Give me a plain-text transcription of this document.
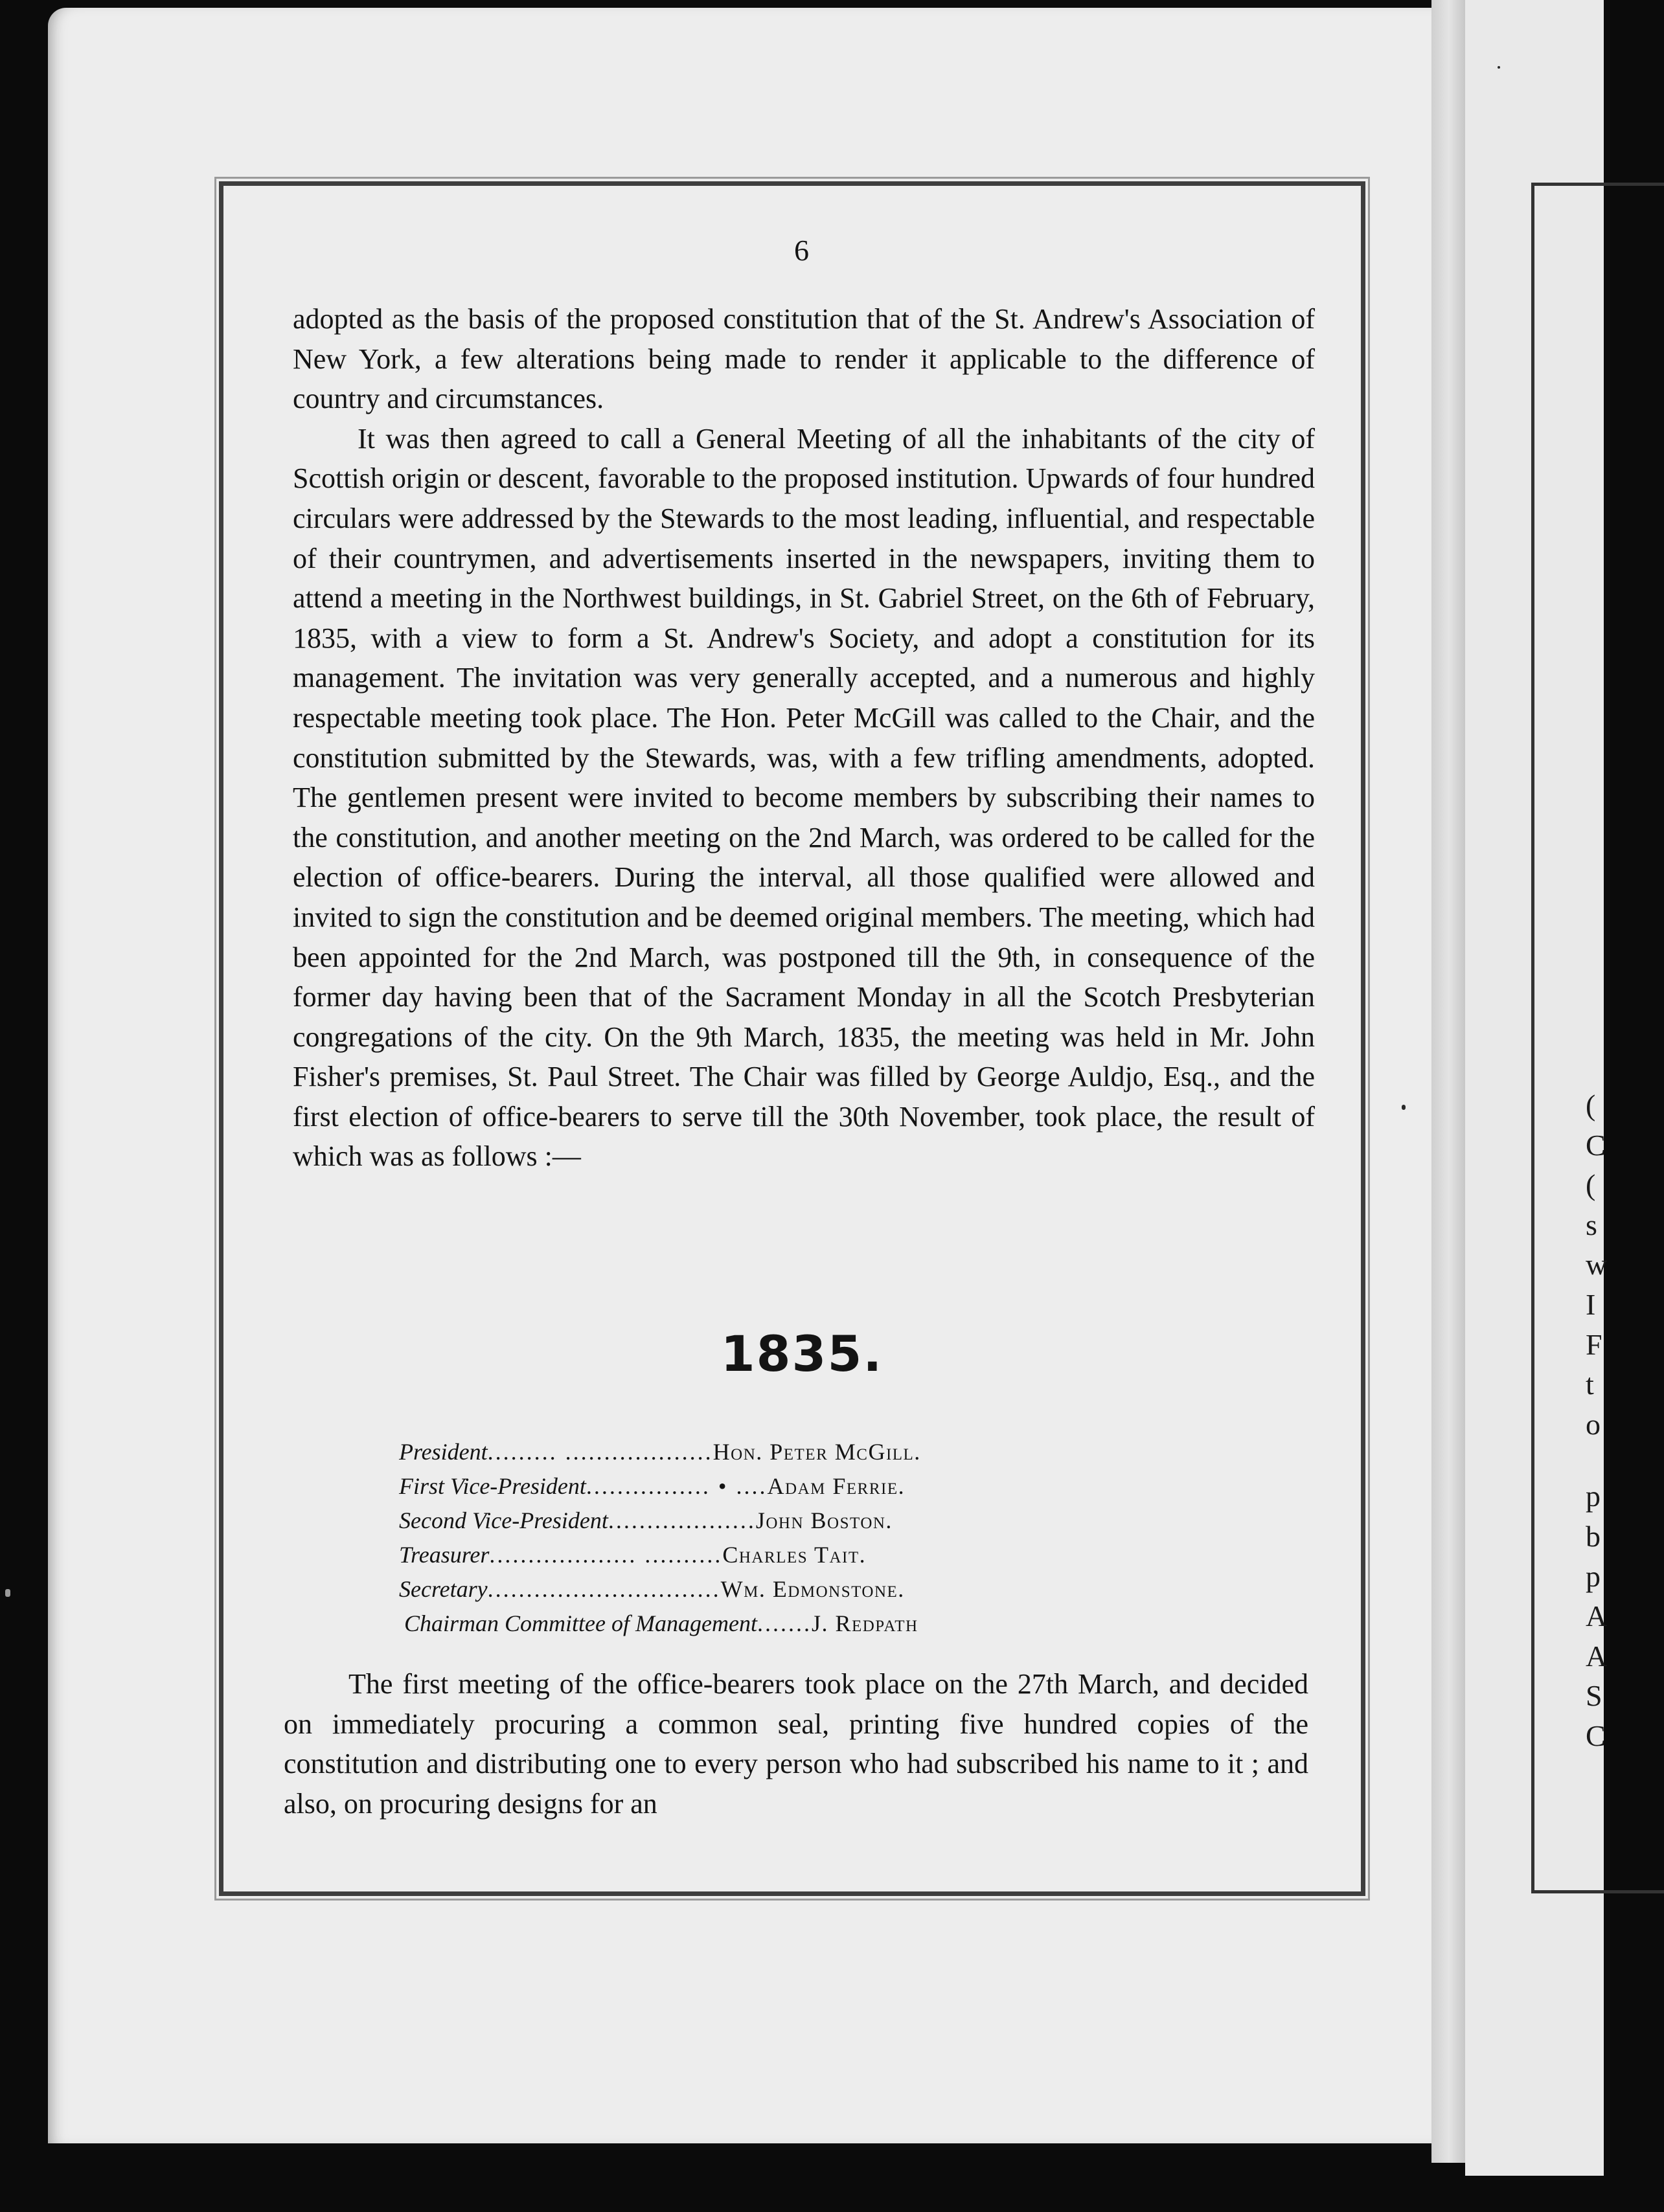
(
C
(
s
w
I
F
t
o
p
b
p
A
A
S
C
6

adopted as the basis of the proposed constitution that of the St. Andrew's Association of New York, a few alterations being made to render it applicable to the difference of country and circumstances.

It was then agreed to call a General Meeting of all the inhabitants of the city of Scottish origin or descent, favorable to the proposed institution. Upwards of four hundred circulars were addressed by the Stewards to the most leading, influential, and respectable of their countrymen, and advertisements inserted in the newspapers, inviting them to attend a meeting in the Northwest buildings, in St. Gabriel Street, on the 6th of February, 1835, with a view to form a St. Andrew's Society, and adopt a constitution for its management. The invitation was very generally accepted, and a numerous and highly respectable meeting took place. The Hon. Peter McGill was called to the Chair, and the constitution submitted by the Stewards, was, with a few trifling amendments, adopted. The gentlemen present were invited to become members by subscribing their names to the constitution, and another meeting on the 2nd March, was ordered to be called for the election of office-bearers. During the interval, all those qualified were allowed and invited to sign the constitution and be deemed original members. The meeting, which had been appointed for the 2nd March, was postponed till the 9th, in consequence of the former day having been that of the Sacrament Monday in all the Scotch Presbyterian congregations of the city. On the 9th March, 1835, the meeting was held in Mr. John Fisher's premises, St. Paul Street. The Chair was filled by George Auldjo, Esq., and the first election of office-bearers to serve till the 30th November, took place, the result of which was as follows :—

1835.
President ......... ................... Hon. Peter McGill.
First Vice-President ................ • .... Adam Ferrie.
Second Vice-President ................... John Boston.
Treasurer ................... .......... Charles Tait.
Secretary .............................. Wm. Edmonstone.
Chairman Committee of Management ....... J. Redpath

The first meeting of the office-bearers took place on the 27th March, and decided on immediately procuring a common seal, printing five hundred copies of the constitution and distributing one to every person who had subscribed his name to it ; and also, on procuring designs for an
